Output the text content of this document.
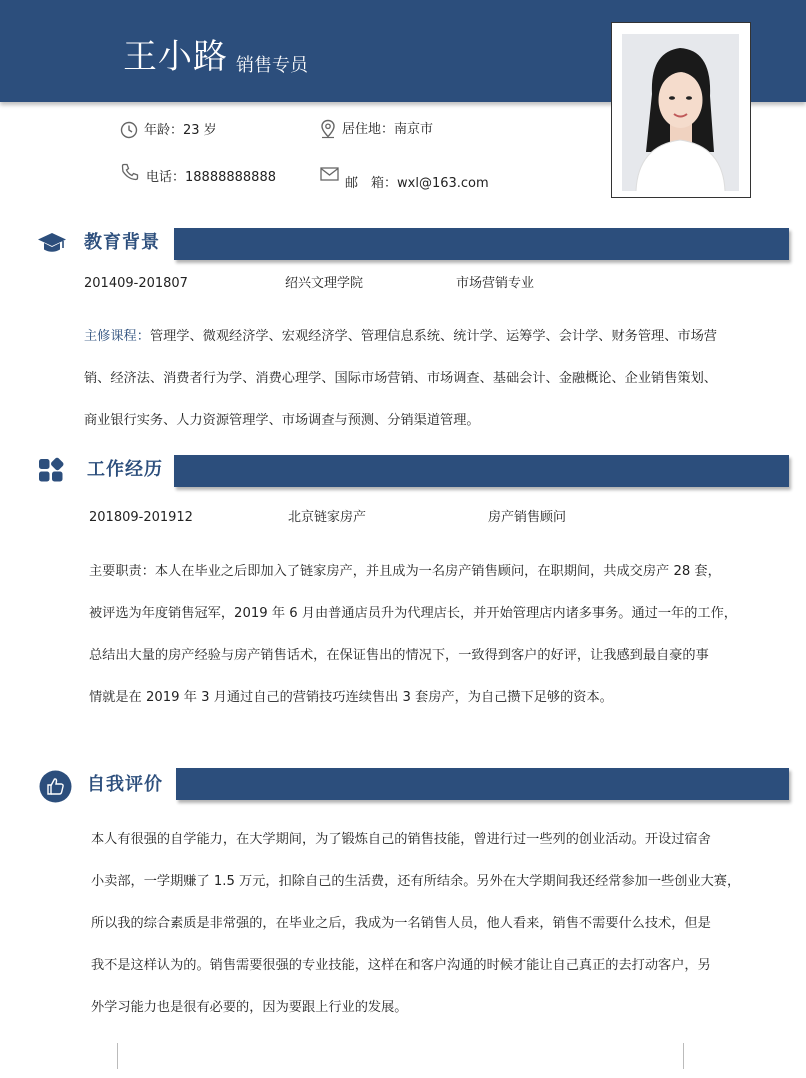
王小路 销售专员
年龄：23 岁	居住地：南京市
电话：18888888888	邮　箱：wxl@163.com
教育背景
201409-201807	绍兴文理学院	市场营销专业
主修课程：管理学、微观经济学、宏观经济学、管理信息系统、统计学、运筹学、会计学、财务管理、市场营
销、经济法、消费者行为学、消费心理学、国际市场营销、市场调查、基础会计、金融概论、企业销售策划、
商业银行实务、人力资源管理学、市场调查与预测、分销渠道管理。
工作经历
201809-201912	北京链家房产	房产销售顾问
主要职责：本人在毕业之后即加入了链家房产，并且成为一名房产销售顾问，在职期间，共成交房产 28 套，
被评选为年度销售冠军，2019 年 6 月由普通店员升为代理店长，并开始管理店内诸多事务。通过一年的工作，
总结出大量的房产经验与房产销售话术，在保证售出的情况下，一致得到客户的好评，让我感到最自豪的事
情就是在 2019 年 3 月通过自己的营销技巧连续售出 3 套房产，为自己攒下足够的资本。
自我评价
本人有很强的自学能力，在大学期间，为了锻炼自己的销售技能，曾进行过一些列的创业活动。开设过宿舍
小卖部，一学期赚了 1.5 万元，扣除自己的生活费，还有所结余。另外在大学期间我还经常参加一些创业大赛，
所以我的综合素质是非常强的，在毕业之后，我成为一名销售人员，他人看来，销售不需要什么技术，但是
我不是这样认为的。销售需要很强的专业技能，这样在和客户沟通的时候才能让自己真正的去打动客户，另
外学习能力也是很有必要的，因为要跟上行业的发展。
